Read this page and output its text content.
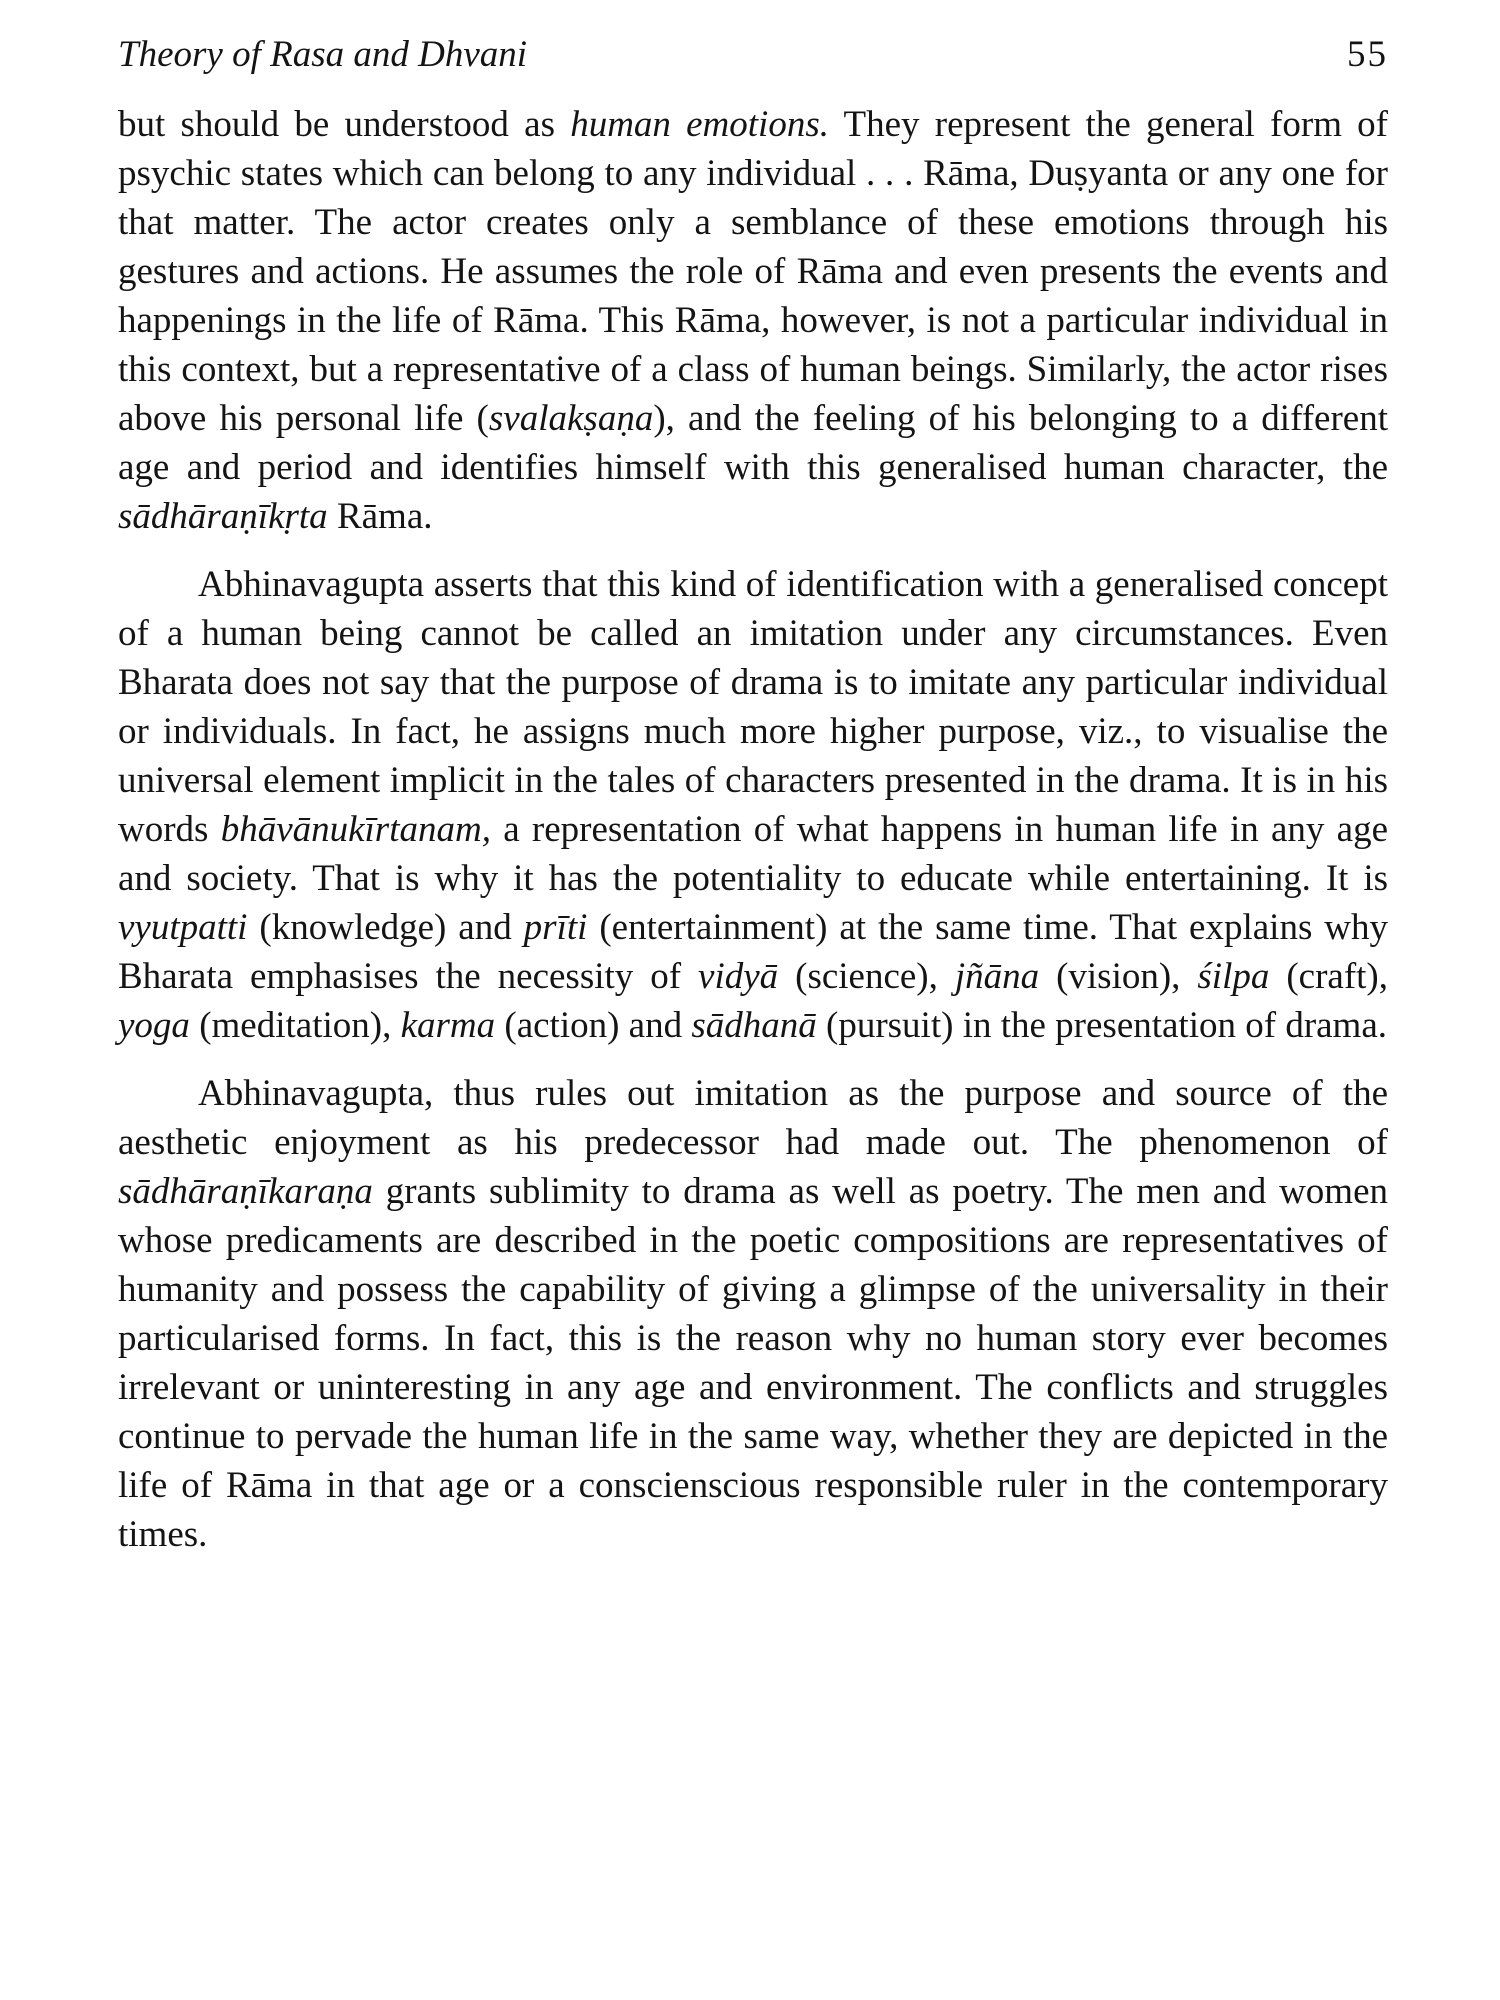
Theory of Rasa and Dhvani	55

but should be understood as human emotions. They represent the general form of psychic states which can belong to any individual . . . Rāma, Duṣyanta or any one for that matter. The actor creates only a semblance of these emotions through his gestures and actions. He assumes the role of Rāma and even presents the events and happenings in the life of Rāma. This Rāma, however, is not a particular individual in this context, but a representative of a class of human beings. Similarly, the actor rises above his personal life (svalakṣaṇa), and the feeling of his belonging to a different age and period and identifies himself with this generalised human character, the sādhāraṇīkṛta Rāma.

Abhinavagupta asserts that this kind of identification with a generalised concept of a human being cannot be called an imitation under any circumstances. Even Bharata does not say that the purpose of drama is to imitate any particular individual or individuals. In fact, he assigns much more higher purpose, viz., to visualise the universal element implicit in the tales of characters presented in the drama. It is in his words bhāvānukīrtanam, a representation of what happens in human life in any age and society. That is why it has the potentiality to educate while entertaining. It is vyutpatti (knowledge) and prīti (entertainment) at the same time. That explains why Bharata emphasises the necessity of vidyā (science), jñāna (vision), śilpa (craft), yoga (meditation), karma (action) and sādhanā (pursuit) in the presentation of drama.

Abhinavagupta, thus rules out imitation as the purpose and source of the aesthetic enjoyment as his predecessor had made out. The phenomenon of sādhāraṇīkaraṇa grants sublimity to drama as well as poetry. The men and women whose predicaments are described in the poetic compositions are representatives of humanity and possess the capability of giving a glimpse of the universality in their particularised forms. In fact, this is the reason why no human story ever becomes irrelevant or uninteresting in any age and environment. The conflicts and struggles continue to pervade the human life in the same way, whether they are depicted in the life of Rāma in that age or a conscienscious responsible ruler in the contemporary times.
